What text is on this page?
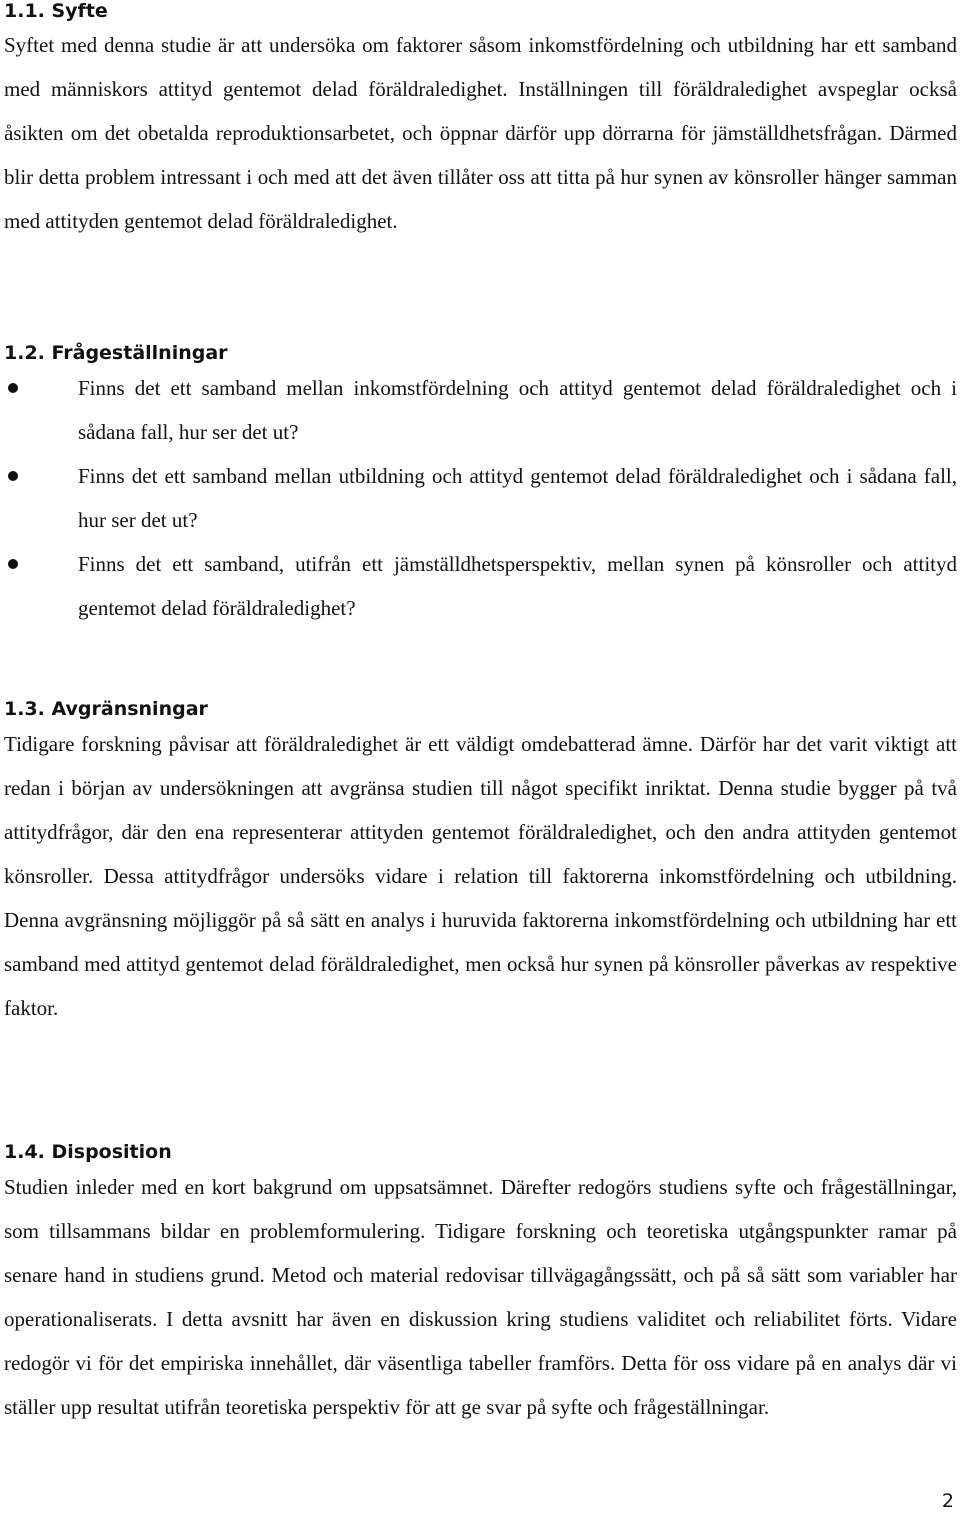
1.1. Syfte

Syftet med denna studie är att undersöka om faktorer såsom inkomstfördelning och utbildning har ett samband med människors attityd gentemot delad föräldraledighet. Inställningen till föräldraledighet avspeglar också åsikten om det obetalda reproduktionsarbetet, och öppnar därför upp dörrarna för jämställdhetsfrågan. Därmed blir detta problem intressant i och med att det även tillåter oss att titta på hur synen av könsroller hänger samman med attityden gentemot delad föräldraledighet.

1.2. Frågeställningar
Finns det ett samband mellan inkomstfördelning och attityd gentemot delad föräldraledighet och i sådana fall, hur ser det ut?
Finns det ett samband mellan utbildning och attityd gentemot delad föräldraledighet och i sådana fall, hur ser det ut?
Finns det ett samband, utifrån ett jämställdhetsperspektiv, mellan synen på könsroller och attityd gentemot delad föräldraledighet?
1.3. Avgränsningar

Tidigare forskning påvisar att föräldraledighet är ett väldigt omdebatterad ämne. Därför har det varit viktigt att redan i början av undersökningen att avgränsa studien till något specifikt inriktat. Denna studie bygger på två attitydfrågor, där den ena representerar attityden gentemot föräldraledighet, och den andra attityden gentemot könsroller. Dessa attitydfrågor undersöks vidare i relation till faktorerna inkomstfördelning och utbildning. Denna avgränsning möjliggör på så sätt en analys i huruvida faktorerna inkomstfördelning och utbildning har ett samband med attityd gentemot delad föräldraledighet, men också hur synen på könsroller påverkas av respektive faktor.

1.4. Disposition

Studien inleder med en kort bakgrund om uppsatsämnet. Därefter redogörs studiens syfte och frågeställningar, som tillsammans bildar en problemformulering. Tidigare forskning och teoretiska utgångspunkter ramar på senare hand in studiens grund. Metod och material redovisar tillvägagångssätt, och på så sätt som variabler har operationaliserats. I detta avsnitt har även en diskussion kring studiens validitet och reliabilitet förts. Vidare redogör vi för det empiriska innehållet, där väsentliga tabeller framförs. Detta för oss vidare på en analys där vi ställer upp resultat utifrån teoretiska perspektiv för att ge svar på syfte och frågeställningar.

2
